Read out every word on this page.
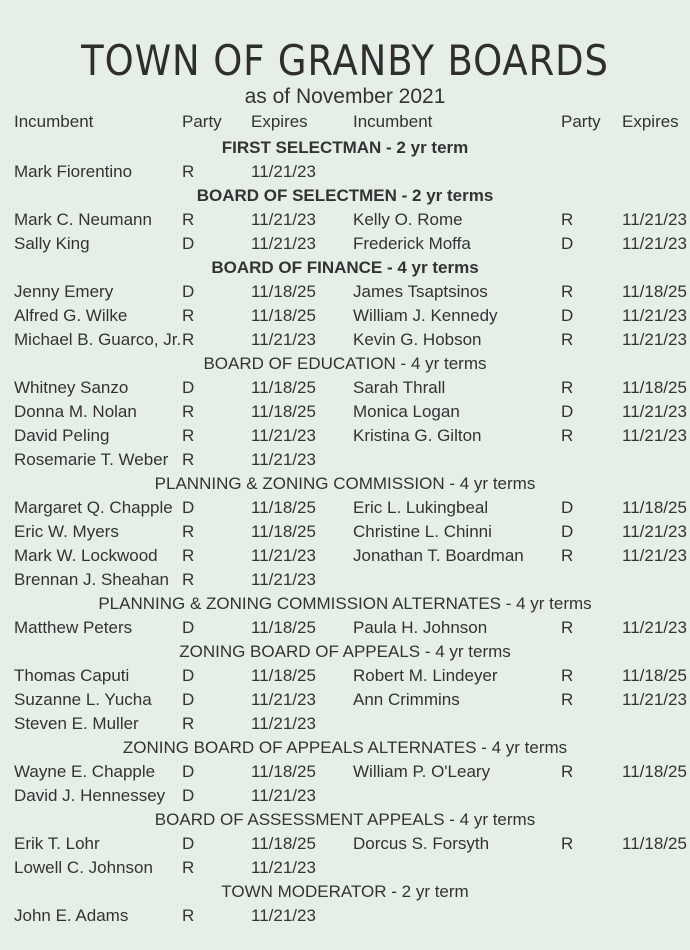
TOWN OF GRANBY BOARDS
as of November 2021
Incumbent	Party Expires	Incumbent	Party Expires
FIRST SELECTMAN - 2 yr term
Mark Fiorentino	R	11/21/23
BOARD OF SELECTMEN - 2 yr terms
Mark C. Neumann R	11/21/23 Kelly O. Rome	R	11/21/23
Sally King	D	11/21/23 Frederick Moffa	D	11/21/23
BOARD OF FINANCE - 4 yr terms
Jenny Emery	D	11/18/25 James Tsaptsinos	R	11/18/25
Alfred G. Wilke	R	11/18/25 William J. Kennedy	D	11/21/23
Michael B. Guarco, Jr. R	11/21/23 Kevin G. Hobson	R	11/21/23
BOARD OF EDUCATION - 4 yr terms
Whitney Sanzo	D	11/18/25 Sarah Thrall	R	11/18/25
Donna M. Nolan	R	11/18/25 Monica Logan	D	11/21/23
David Peling	R	11/21/23 Kristina G. Gilton	R	11/21/23
Rosemarie T. Weber R	11/21/23
PLANNING & ZONING COMMISSION - 4 yr terms
Margaret Q. Chapple D	11/18/25 Eric L. Lukingbeal	D	11/18/25
Eric W. Myers	R	11/18/25 Christine L. Chinni	D	11/21/23
Mark W. Lockwood R	11/21/23 Jonathan T. Boardman R	11/21/23
Brennan J. Sheahan R	11/21/23
PLANNING & ZONING COMMISSION ALTERNATES - 4 yr terms
Matthew Peters	D	11/18/25 Paula H. Johnson	R	11/21/23
ZONING BOARD OF APPEALS - 4 yr terms
Thomas Caputi	D	11/18/25 Robert M. Lindeyer	R	11/18/25
Suzanne L. Yucha D	11/21/23 Ann Crimmins	R	11/21/23
Steven E. Muller	R	11/21/23
ZONING BOARD OF APPEALS ALTERNATES - 4 yr terms
Wayne E. Chapple D	11/18/25 William P. O'Leary	R	11/18/25
David J. Hennessey D	11/21/23
BOARD OF ASSESSMENT APPEALS - 4 yr terms
Erik T. Lohr	D	11/18/25 Dorcus S. Forsyth	R	11/18/25
Lowell C. Johnson R	11/21/23
TOWN MODERATOR - 2 yr term
John E. Adams	R	11/21/23
